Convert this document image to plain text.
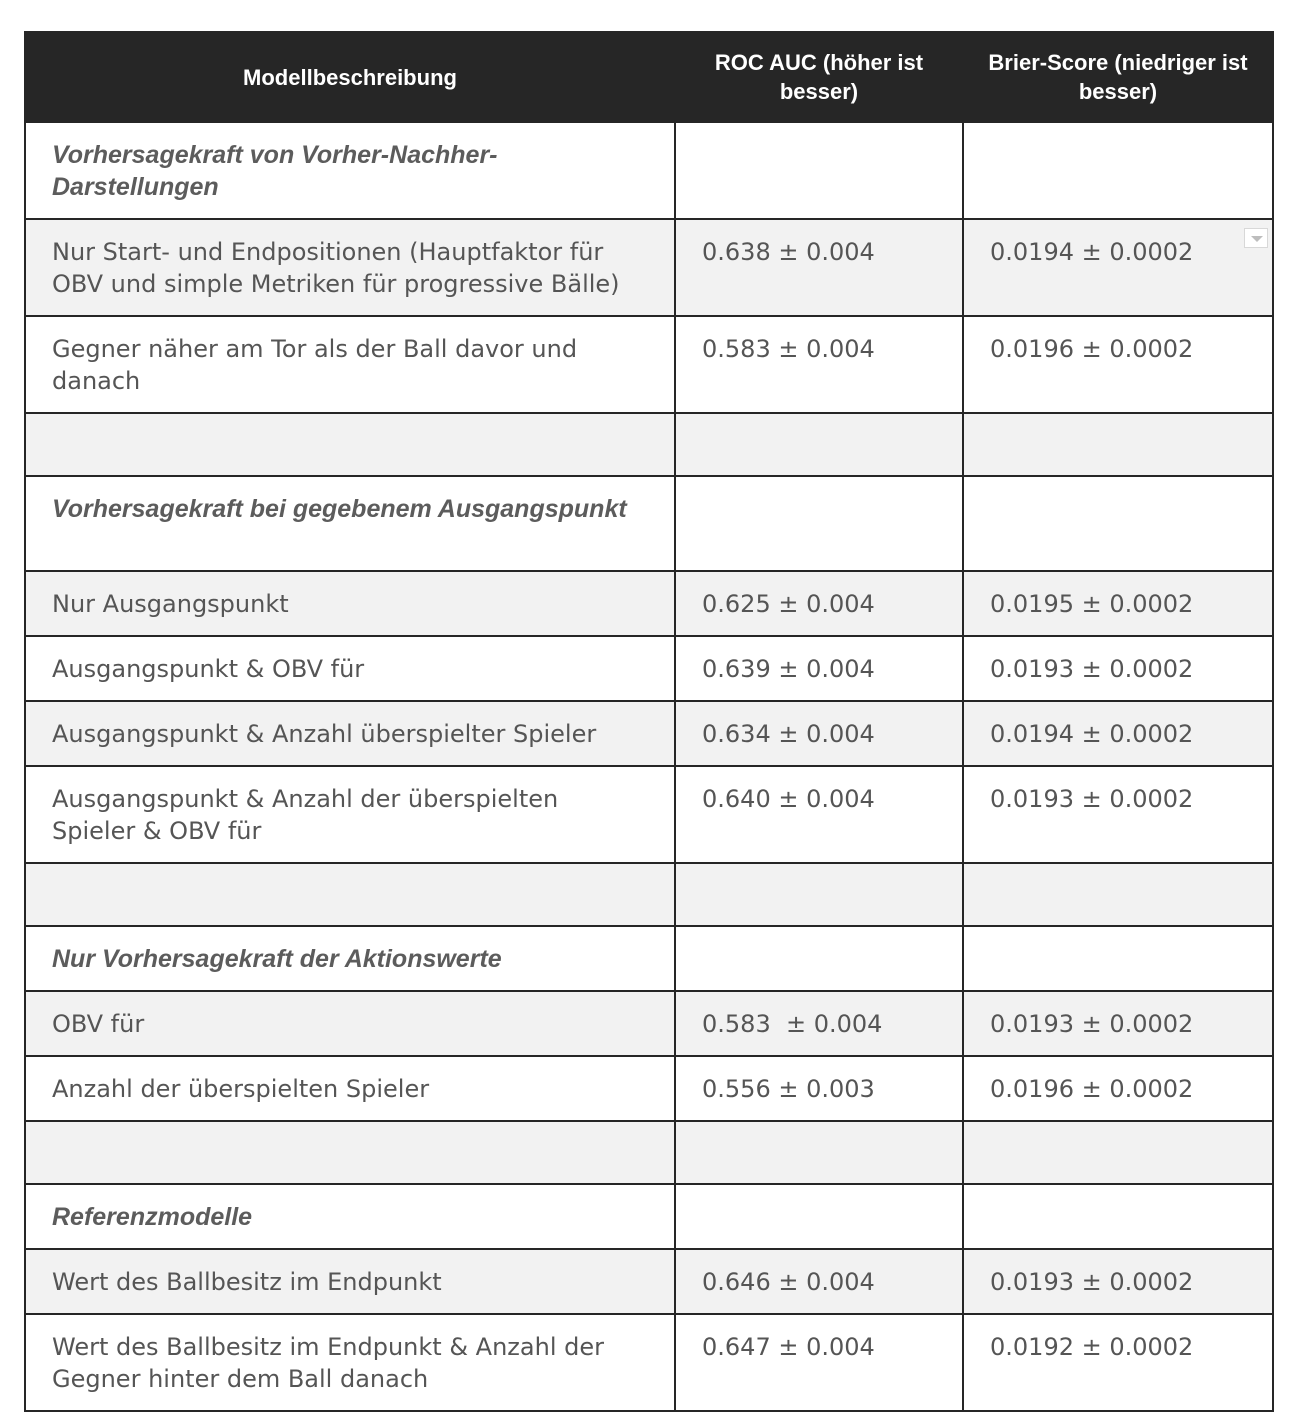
Modellbeschreibung	ROC AUC (höher ist besser)	Brier-Score (niedriger ist besser)
Vorhersagekraft von Vorher-Nachher-Darstellungen		
Nur Start- und Endpositionen (Hauptfaktor für OBV und simple Metriken für progressive Bälle)	0.638 ± 0.004	0.0194 ± 0.0002

Gegner näher am Tor als der Ball davor und danach	0.583 ± 0.004	0.0196 ± 0.0002

Vorhersagekraft bei gegebenem Ausgangspunkt		
Nur Ausgangspunkt	0.625 ± 0.004	0.0195 ± 0.0002
Ausgangspunkt & OBV für	0.639 ± 0.004	0.0193 ± 0.0002
Ausgangspunkt & Anzahl überspielter Spieler	0.634 ± 0.004	0.0194 ± 0.0002
Ausgangspunkt & Anzahl der überspielten Spieler & OBV für	0.640 ± 0.004	0.0193 ± 0.0002

Nur Vorhersagekraft der Aktionswerte		
OBV für	0.583  ± 0.004	0.0193 ± 0.0002
Anzahl der überspielten Spieler	0.556 ± 0.003	0.0196 ± 0.0002

Referenzmodelle		
Wert des Ballbesitz im Endpunkt	0.646 ± 0.004	0.0193 ± 0.0002
Wert des Ballbesitz im Endpunkt & Anzahl der Gegner hinter dem Ball danach	0.647 ± 0.004	0.0192 ± 0.0002
